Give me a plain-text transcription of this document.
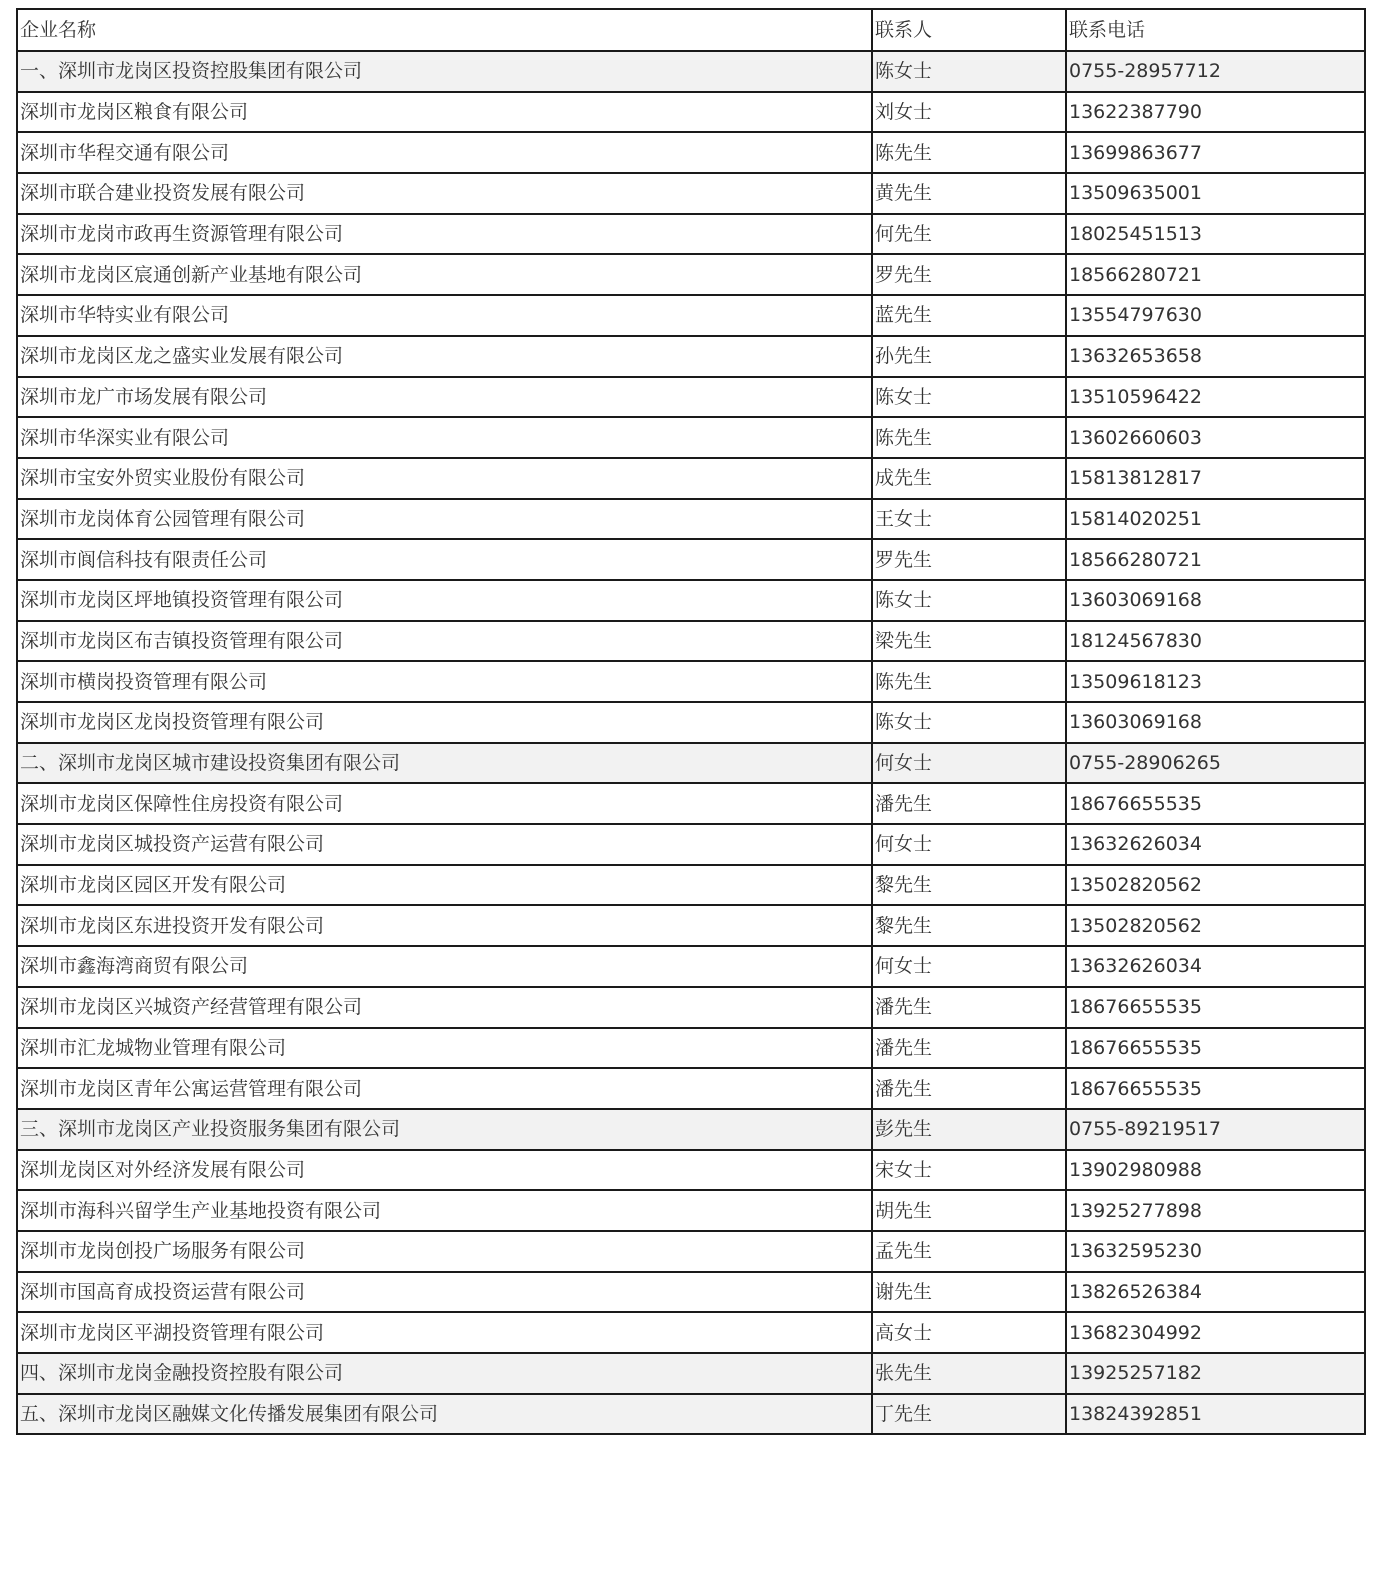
企业名称	联系人	联系电话
一、深圳市龙岗区投资控股集团有限公司	陈女士	0755-28957712
深圳市龙岗区粮食有限公司	刘女士	13622387790
深圳市华程交通有限公司	陈先生	13699863677
深圳市联合建业投资发展有限公司	黄先生	13509635001
深圳市龙岗市政再生资源管理有限公司	何先生	18025451513
深圳市龙岗区宸通创新产业基地有限公司	罗先生	18566280721
深圳市华特实业有限公司	蓝先生	13554797630
深圳市龙岗区龙之盛实业发展有限公司	孙先生	13632653658
深圳市龙广市场发展有限公司	陈女士	13510596422
深圳市华深实业有限公司	陈先生	13602660603
深圳市宝安外贸实业股份有限公司	成先生	15813812817
深圳市龙岗体育公园管理有限公司	王女士	15814020251
深圳市阆信科技有限责任公司	罗先生	18566280721
深圳市龙岗区坪地镇投资管理有限公司	陈女士	13603069168
深圳市龙岗区布吉镇投资管理有限公司	梁先生	18124567830
深圳市横岗投资管理有限公司	陈先生	13509618123
深圳市龙岗区龙岗投资管理有限公司	陈女士	13603069168
二、深圳市龙岗区城市建设投资集团有限公司	何女士	0755-28906265
深圳市龙岗区保障性住房投资有限公司	潘先生	18676655535
深圳市龙岗区城投资产运营有限公司	何女士	13632626034
深圳市龙岗区园区开发有限公司	黎先生	13502820562
深圳市龙岗区东进投资开发有限公司	黎先生	13502820562
深圳市鑫海湾商贸有限公司	何女士	13632626034
深圳市龙岗区兴城资产经营管理有限公司	潘先生	18676655535
深圳市汇龙城物业管理有限公司	潘先生	18676655535
深圳市龙岗区青年公寓运营管理有限公司	潘先生	18676655535
三、深圳市龙岗区产业投资服务集团有限公司	彭先生	0755-89219517
深圳龙岗区对外经济发展有限公司	宋女士	13902980988
深圳市海科兴留学生产业基地投资有限公司	胡先生	13925277898
深圳市龙岗创投广场服务有限公司	孟先生	13632595230
深圳市国高育成投资运营有限公司	谢先生	13826526384
深圳市龙岗区平湖投资管理有限公司	高女士	13682304992
四、深圳市龙岗金融投资控股有限公司	张先生	13925257182
五、深圳市龙岗区融媒文化传播发展集团有限公司	丁先生	13824392851
